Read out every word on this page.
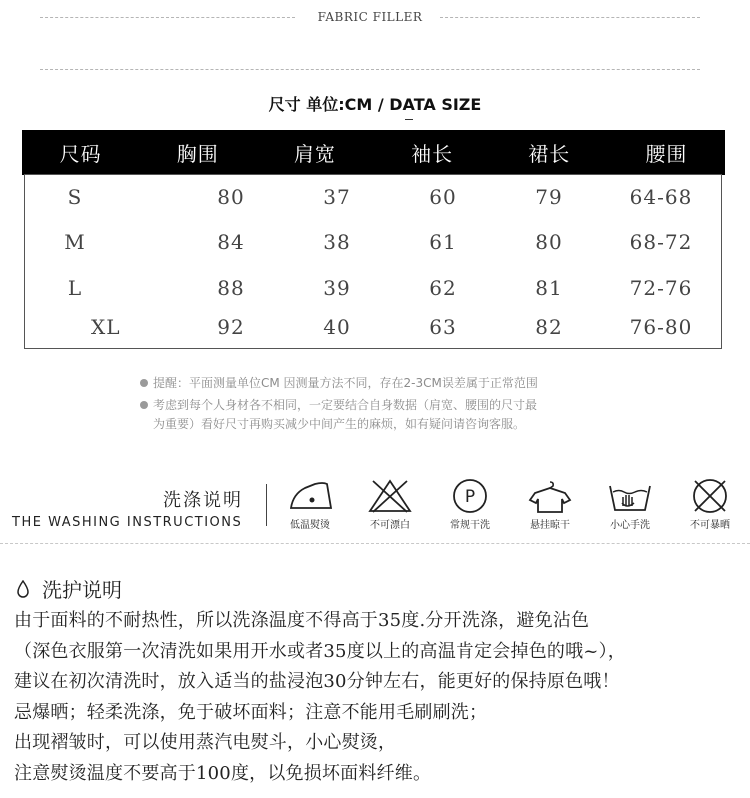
FABRIC FILLER
尺寸 单位:CM / DATA SIZE
尺码	胸围	肩宽	袖长	裙长	腰围
S	80	37	60	79	64-68
M	84	38	61	80	68-72
L	88	39	62	81	72-76
XL	92	40	63	82	76-80
提醒：平面测量单位CM 因测量方法不同，存在2-3CM误差属于正常范围
考虑到每个人身材各不相同，一定要结合自身数据（肩宽、腰围的尺寸最
为重要）看好尺寸再购买减少中间产生的麻烦，如有疑问请咨询客服。
洗涤说明
THE WASHING INSTRUCTIONS	低温熨烫	不可漂白
P
常规干洗	悬挂晾干	小心手洗	不可暴晒
洗护说明
由于面料的不耐热性，所以洗涤温度不得高于35度.分开洗涤，避免沾色
（深色衣服第一次清洗如果用开水或者35度以上的高温肯定会掉色的哦~），
建议在初次清洗时，放入适当的盐浸泡30分钟左右，能更好的保持原色哦！
忌爆晒；轻柔洗涤，免于破坏面料；注意不能用毛刷刷洗；
出现褶皱时，可以使用蒸汽电熨斗，小心熨烫，
注意熨烫温度不要高于100度，以免损坏面料纤维。
